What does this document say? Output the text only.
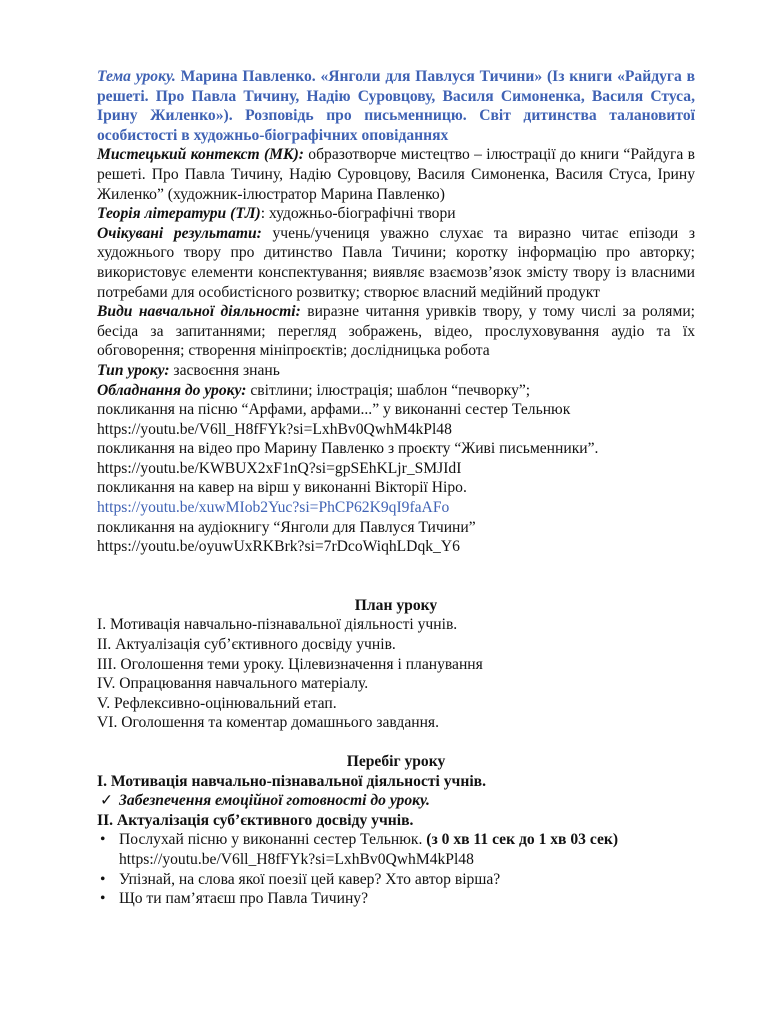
Тема уроку. Марина Павленко. «Янголи для Павлуся Тичини» (Із книги «Райдуга в решеті. Про Павла Тичину, Надію Суровцову, Василя Симоненка, Василя Стуса, Ірину Жиленко»). Розповідь про письменницю. Світ дитинства талановитої особистості в художньо-біографічних оповіданнях

Мистецький контекст (МК): образотворче мистецтво – ілюстрації до книги “Райдуга в решеті. Про Павла Тичину, Надію Суровцову, Василя Симоненка, Василя Стуса, Ірину Жиленко” (художник-ілюстратор Марина Павленко)

Теорія літератури (ТЛ): художньо-біографічні твори

Очікувані результати: учень/учениця уважно слухає та виразно читає епізоди з художнього твору про дитинство Павла Тичини; коротку інформацію про авторку; використовує елементи конспектування; виявляє взаємозв’язок змісту твору із власними потребами для особистісного розвитку; створює власний медійний продукт

Види навчальної діяльності: виразне читання уривків твору, у тому числі за ролями; бесіда за запитаннями; перегляд зображень, відео, прослуховування аудіо та їх обговорення; створення мініпроєктів; дослідницька робота

Тип уроку: засвоєння знань

Обладнання до уроку: світлини; ілюстрація; шаблон “печворку”;

покликання на пісню “Арфами, арфами...” у виконанні сестер Тельнюк

https://youtu.be/V6ll_H8fFYk?si=LxhBv0QwhM4kPl48

покликання на відео про Марину Павленко з проєкту “Живі письменники”.

https://youtu.be/KWBUX2xF1nQ?si=gpSEhKLjr_SMJIdI

покликання на кавер на вірш у виконанні Вікторії Ніро.

https://youtu.be/xuwMIob2Yuc?si=PhCP62K9qI9faAFo

покликання на аудіокнигу “Янголи для Павлуся Тичини”

https://youtu.be/oyuwUxRKBrk?si=7rDcoWiqhLDqk_Y6

План уроку

I. Мотивація навчально-пізнавальної діяльності учнів.

II. Актуалізація суб’єктивного досвіду учнів.

III. Оголошення теми уроку. Цілевизначення і планування

IV. Опрацювання навчального матеріалу.

V. Рефлексивно-оцінювальний етап.

VI. Оголошення та коментар домашнього завдання.

Перебіг уроку

I. Мотивація навчально-пізнавальної діяльності учнів.

✓ Забезпечення емоційної готовності до уроку.

II. Актуалізація суб’єктивного досвіду учнів.

• Послухай пісню у виконанні сестер Тельнюк. (з 0 хв 11 сек до 1 хв 03 сек)
https://youtu.be/V6ll_H8fFYk?si=LxhBv0QwhM4kPl48
• Упізнай, на слова якої поезії цей кавер? Хто автор вірша?
• Що ти пам’ятаєш про Павла Тичину?
